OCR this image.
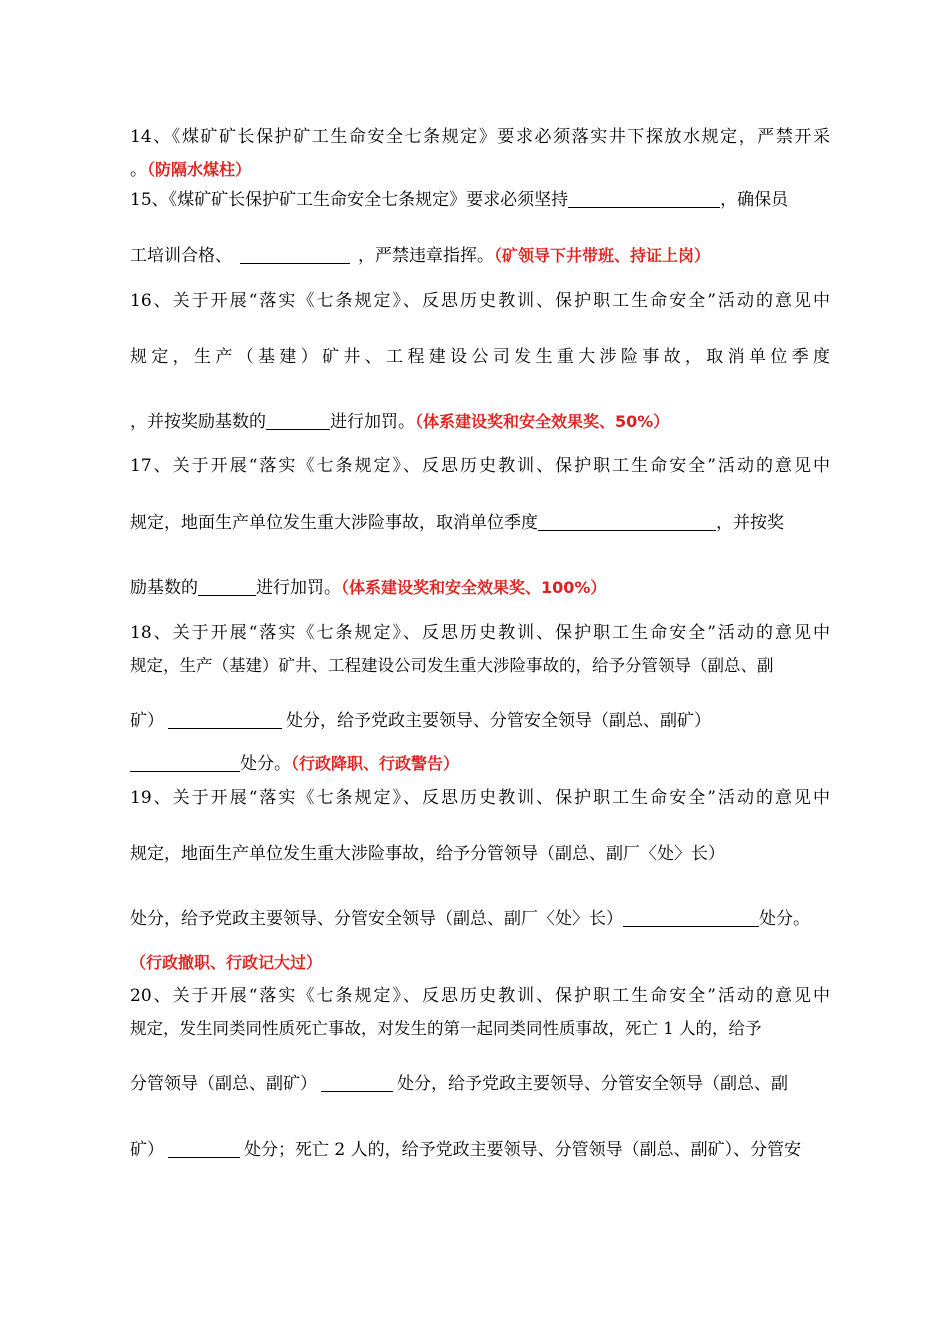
14、《煤矿矿长保护矿工生命安全七条规定》要求必须落实井下探放水规定，严禁开采
。（防隔水煤柱）
15、《煤矿矿长保护矿工生命安全七条规定》要求必须坚持	，确保员
工培训合格、	，严禁违章指挥。（矿领导下井带班、持证上岗）
16、关于开展“落实《七条规定》、反思历史教训、保护职工生命安全”活动的意见中
规定，生产（基建）矿井、工程建设公司发生重大涉险事故，取消单位季度
，并按奖励基数的	进行加罚。（体系建设奖和安全效果奖、50%）
17、关于开展“落实《七条规定》、反思历史教训、保护职工生命安全”活动的意见中
规定，地面生产单位发生重大涉险事故，取消单位季度	，并按奖
励基数的	进行加罚。（体系建设奖和安全效果奖、100%）
18、关于开展“落实《七条规定》、反思历史教训、保护职工生命安全”活动的意见中
规定，生产（基建）矿井、工程建设公司发生重大涉险事故的，给予分管领导（副总、副
矿）	处分，给予党政主要领导、分管安全领导（副总、副矿）
处分。（行政降职、行政警告）
19、关于开展“落实《七条规定》、反思历史教训、保护职工生命安全”活动的意见中
规定，地面生产单位发生重大涉险事故，给予分管领导（副总、副厂〈处〉长）
处分，给予党政主要领导、分管安全领导（副总、副厂〈处〉长）	处分。
（行政撤职、行政记大过）
20、关于开展“落实《七条规定》、反思历史教训、保护职工生命安全”活动的意见中
规定，发生同类同性质死亡事故，对发生的第一起同类同性质事故，死亡 1 人的，给予
分管领导（副总、副矿）	处分，给予党政主要领导、分管安全领导（副总、副
矿）	处分；死亡 2 人的，给予党政主要领导、分管领导（副总、副矿）、分管安
